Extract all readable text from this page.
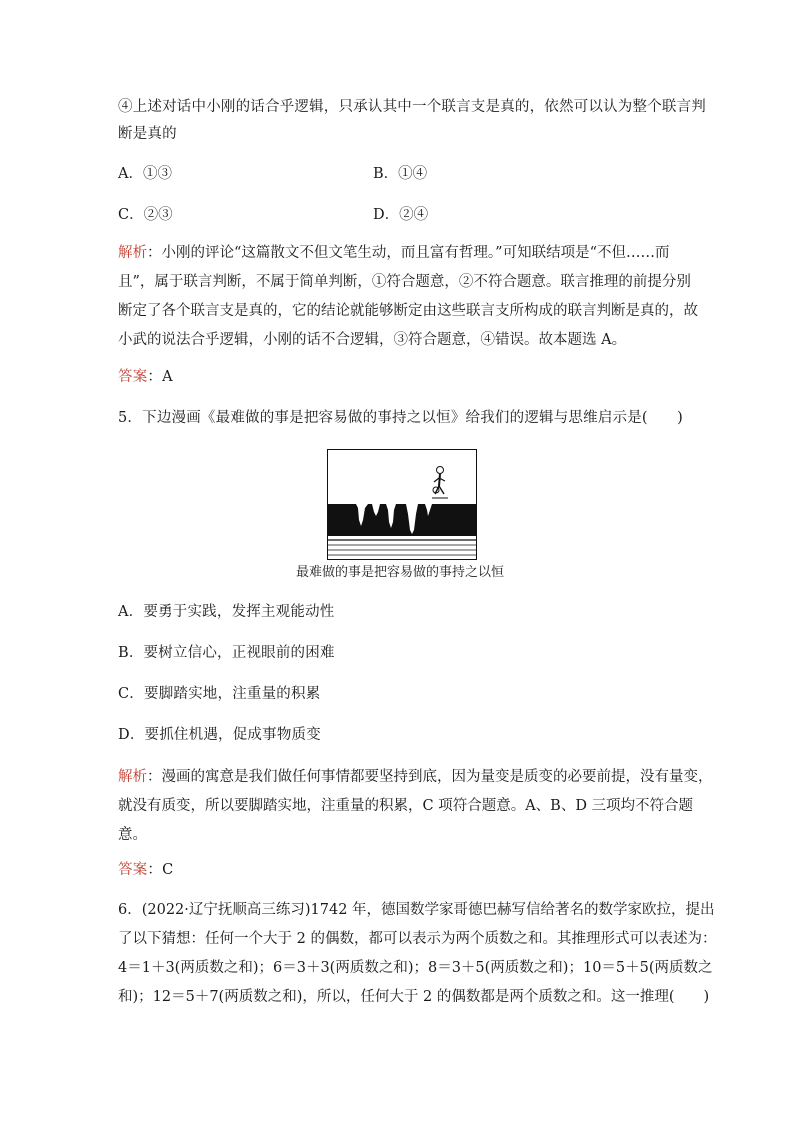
④上述对话中小刚的话合乎逻辑，只承认其中一个联言支是真的，依然可以认为整个联言判
断是真的
A．①③	B．①④
C．②③	D．②④
解析：小刚的评论“这篇散文不但文笔生动，而且富有哲理。”可知联结项是“不但……而
且”，属于联言判断，不属于简单判断，①符合题意，②不符合题意。联言推理的前提分别
断定了各个联言支是真的，它的结论就能够断定由这些联言支所构成的联言判断是真的，故
小武的说法合乎逻辑，小刚的话不合逻辑，③符合题意，④错误。故本题选 A。
答案：A
5．下边漫画《最难做的事是把容易做的事持之以恒》给我们的逻辑与思维启示是(　　)
最难做的事是把容易做的事持之以恒
A．要勇于实践，发挥主观能动性
B．要树立信心，正视眼前的困难
C．要脚踏实地，注重量的积累
D．要抓住机遇，促成事物质变
解析：漫画的寓意是我们做任何事情都要坚持到底，因为量变是质变的必要前提，没有量变，
就没有质变，所以要脚踏实地，注重量的积累，C 项符合题意。A、B、D 三项均不符合题
意。
答案：C
6．(2022·辽宁抚顺高三练习)1742 年，德国数学家哥德巴赫写信给著名的数学家欧拉，提出
了以下猜想：任何一个大于 2 的偶数，都可以表示为两个质数之和。其推理形式可以表述为：
4＝1＋3(两质数之和)；6＝3＋3(两质数之和)；8＝3＋5(两质数之和)；10＝5＋5(两质数之
和)；12＝5＋7(两质数之和)，所以，任何大于 2 的偶数都是两个质数之和。这一推理(　　)
